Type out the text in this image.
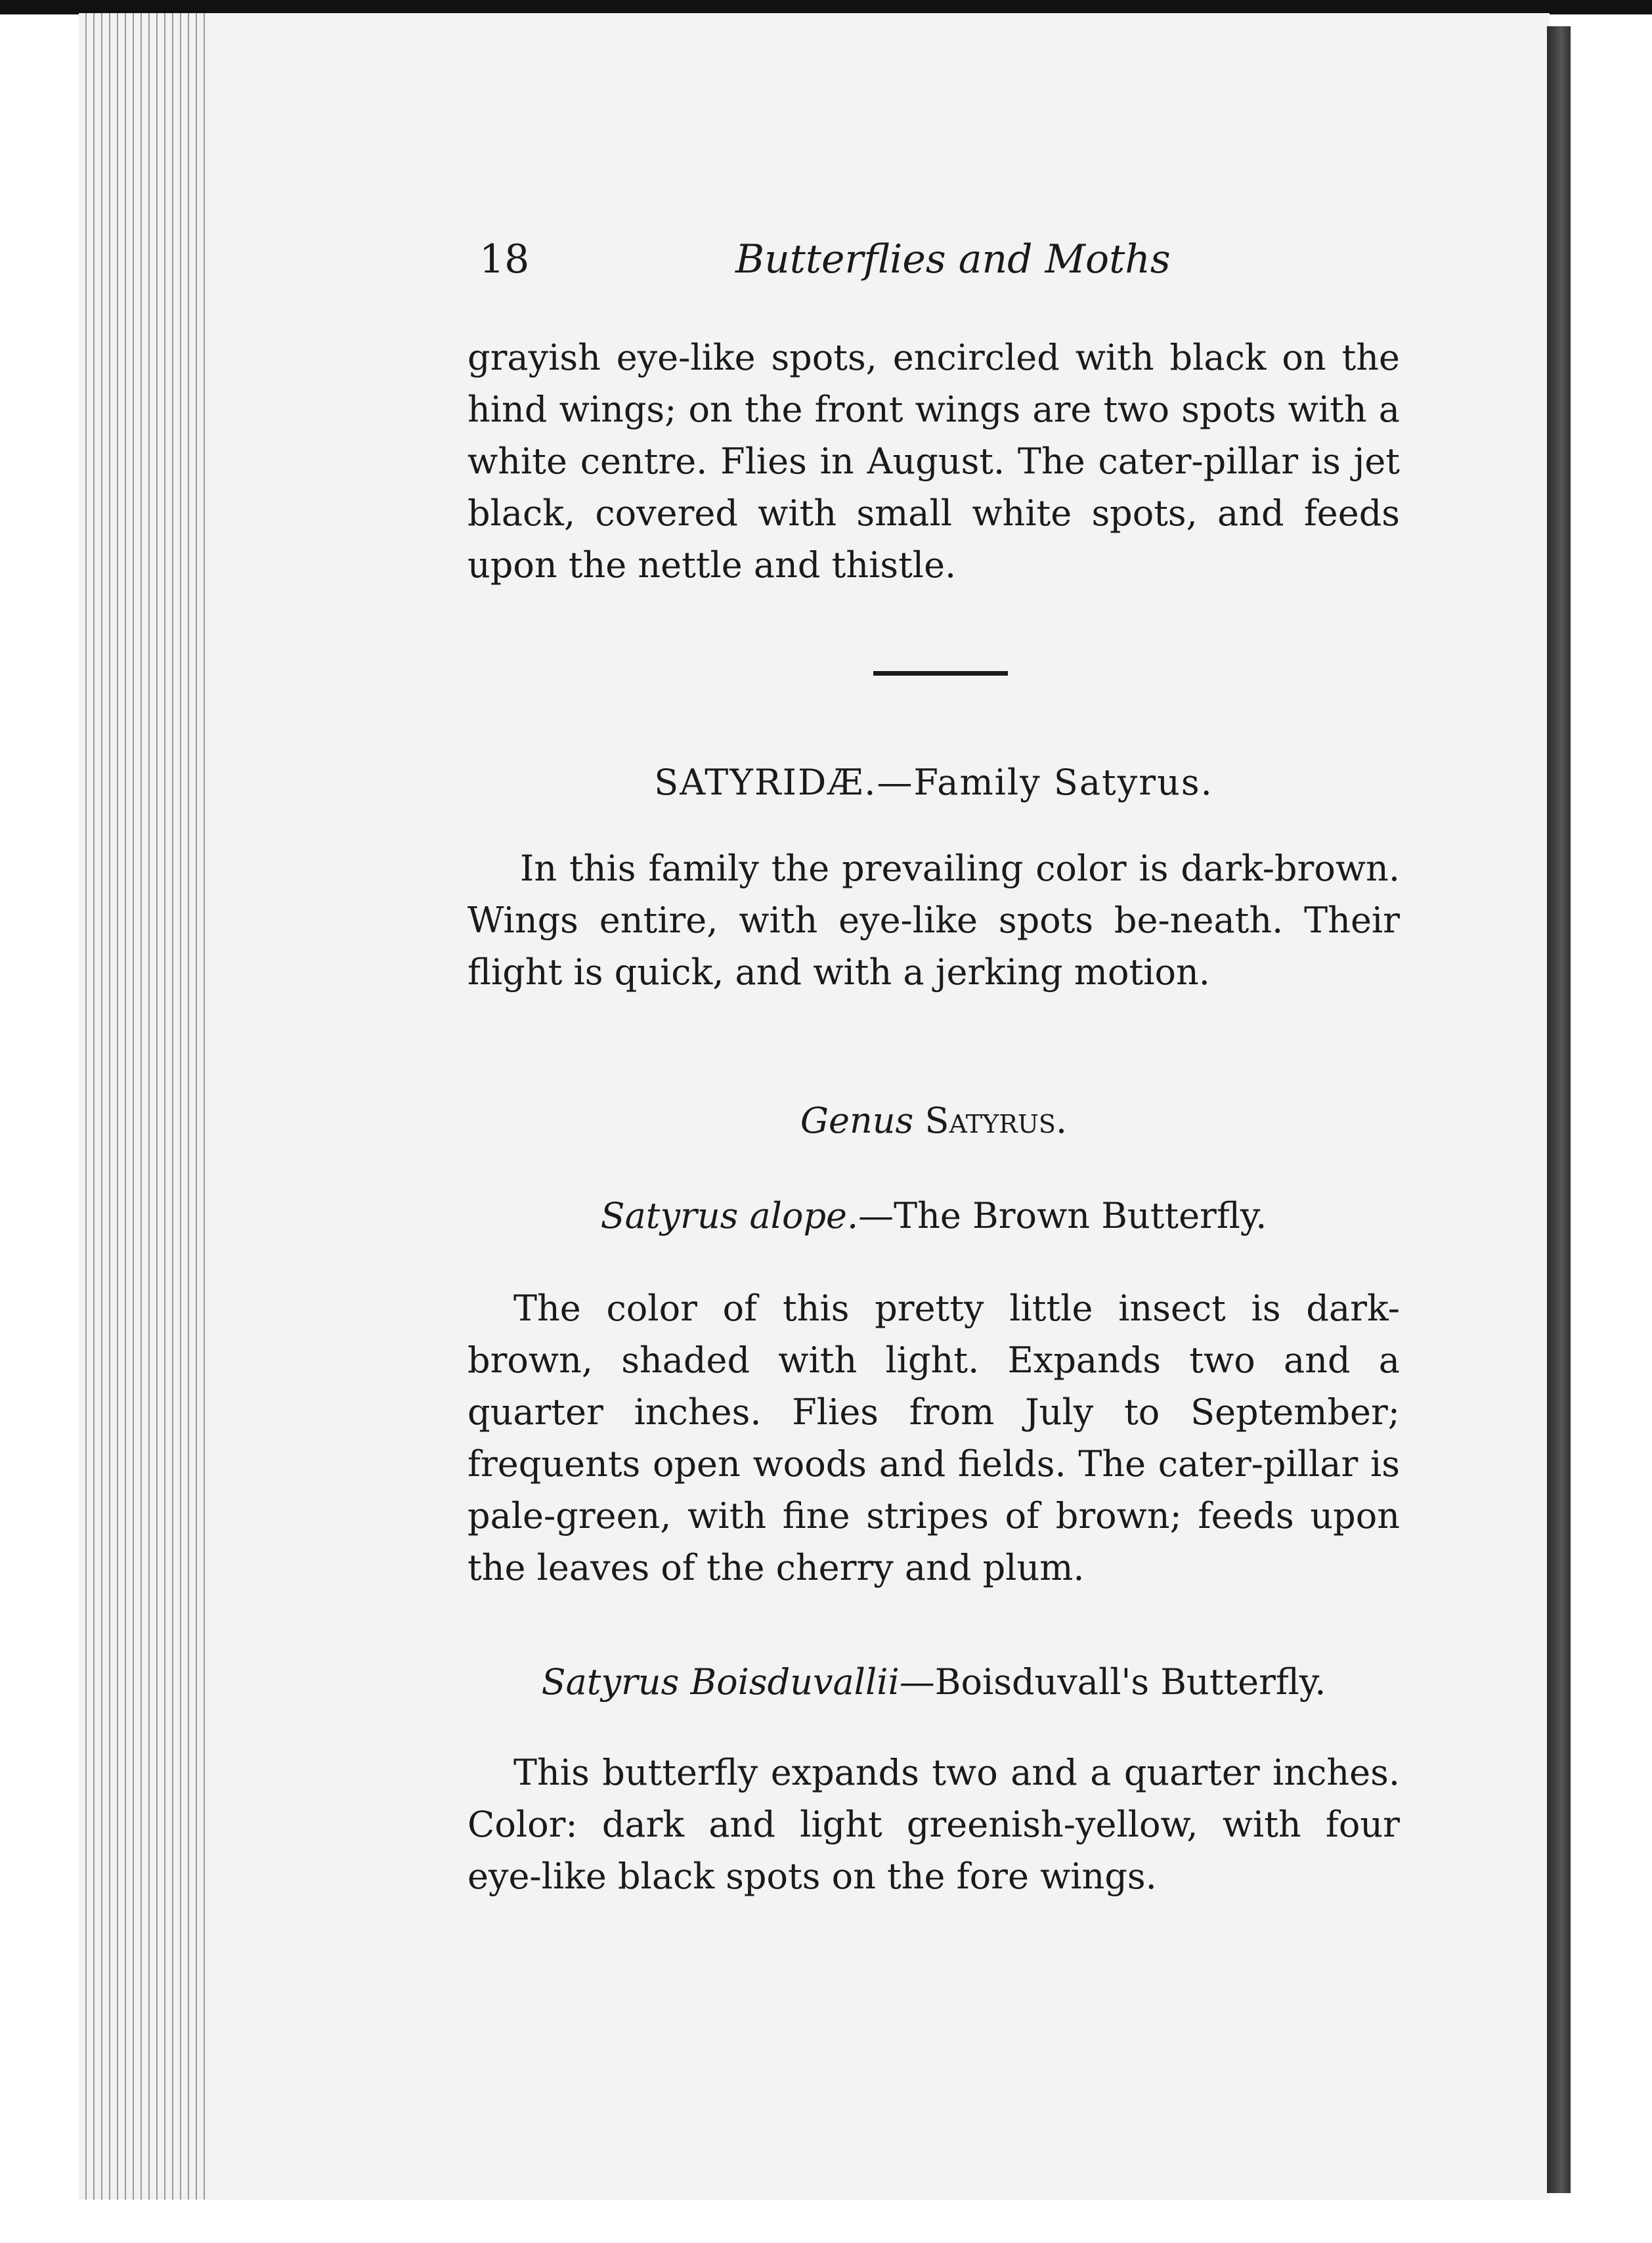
18	Butterflies and Moths
grayish eye-like spots, encircled with black on the hind wings; on the front wings are two spots with a white centre. Flies in August. The cater-pillar is jet black, covered with small white spots, and feeds upon the nettle and thistle.
SATYRIDÆ.—Family Satyrus.
In this family the prevailing color is dark-brown. Wings entire, with eye-like spots be-neath. Their flight is quick, and with a jerking motion.
Genus Satyrus.
Satyrus alope.—The Brown Butterfly.
The color of this pretty little insect is dark-brown, shaded with light. Expands two and a quarter inches. Flies from July to September; frequents open woods and fields. The cater-pillar is pale-green, with fine stripes of brown; feeds upon the leaves of the cherry and plum.
Satyrus Boisduvallii—Boisduvall's Butterfly.
This butterfly expands two and a quarter inches. Color: dark and light greenish-yellow, with four eye-like black spots on the fore wings.
